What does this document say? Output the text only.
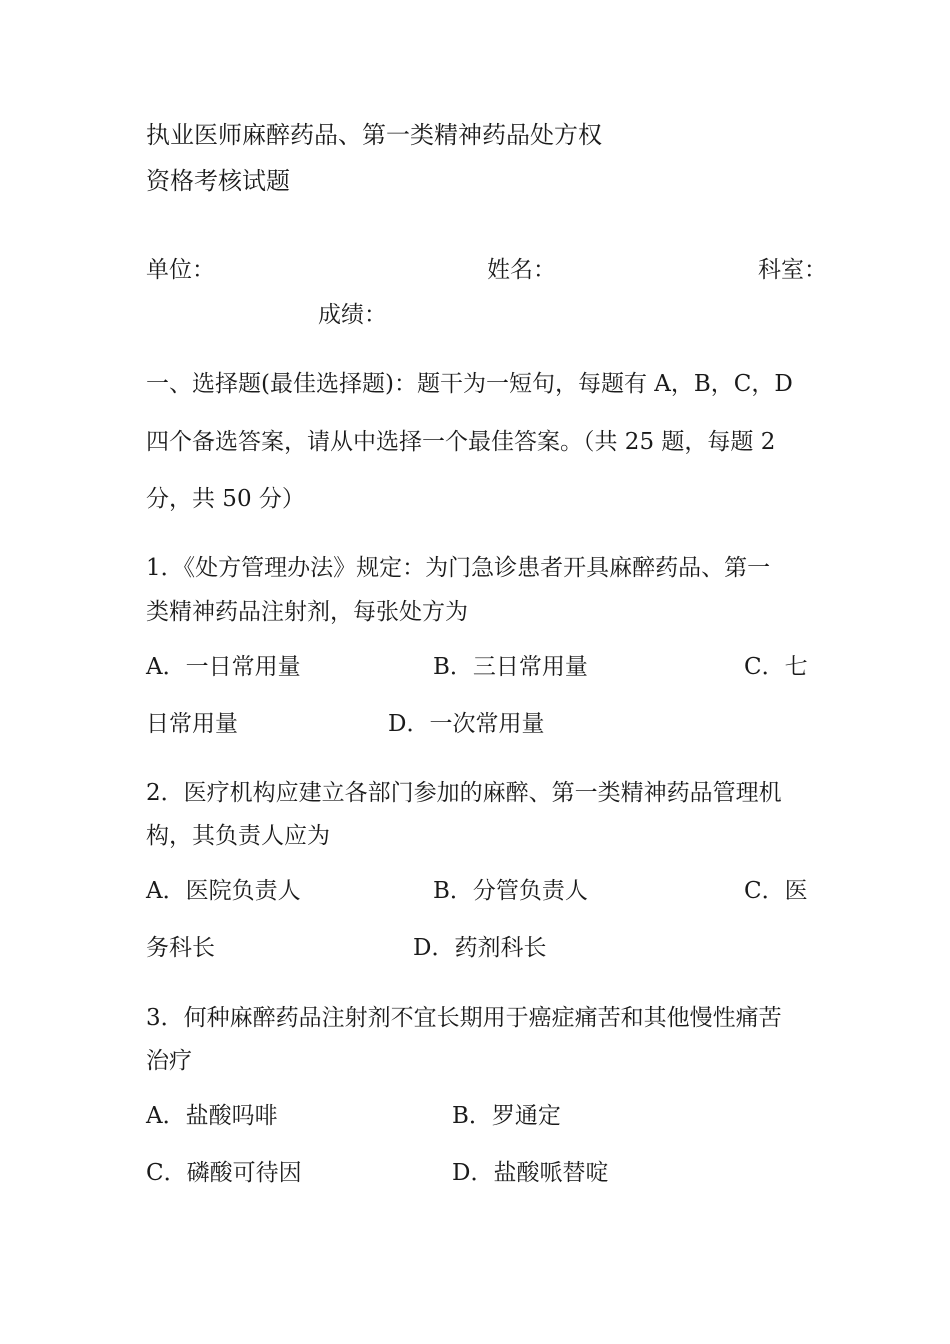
执业医师麻醉药品、第一类精神药品处方权
资格考核试题
单位：	姓名：	科室：
成绩：
一、选择题(最佳选择题)：题干为一短句，每题有 A，B，C，D
四个备选答案，请从中选择一个最佳答案。（共 25 题，每题 2
分，共 50 分）
1．《处方管理办法》规定：为门急诊患者开具麻醉药品、第一
类精神药品注射剂，每张处方为
A．一日常用量	B．三日常用量	C．七
日常用量	D．一次常用量
2．医疗机构应建立各部门参加的麻醉、第一类精神药品管理机
构，其负责人应为
A．医院负责人	B．分管负责人	C．医
务科长	D．药剂科长
3．何种麻醉药品注射剂不宜长期用于癌症痛苦和其他慢性痛苦
治疗
A．盐酸吗啡	B．罗通定
C．磷酸可待因	D．盐酸哌替啶
